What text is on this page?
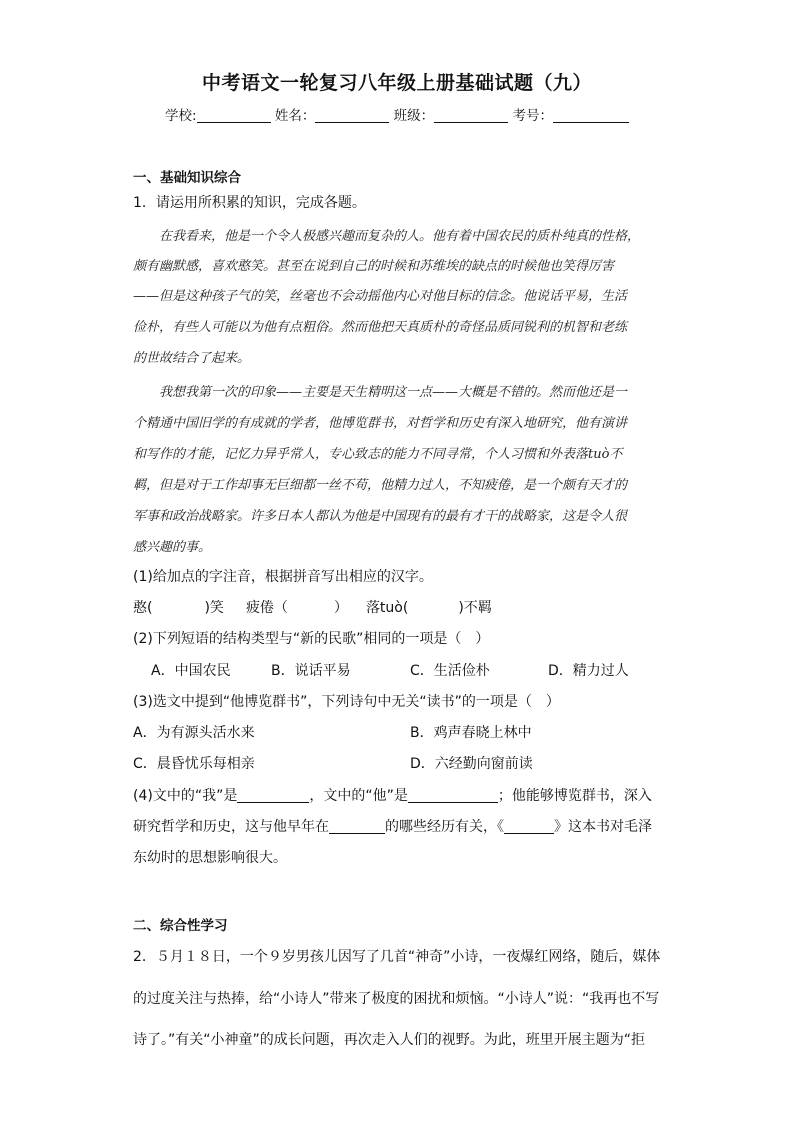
中考语文一轮复习八年级上册基础试题（九）
学校:	姓名：	班级：	考号：
一、基础知识综合
1．请运用所积累的知识，完成各题。
在我看来，他是一个令人极感兴趣而复杂的人。他有着中国农民的质朴纯真的性格，
颇有幽默感，喜欢憨笑。甚至在说到自己的时候和苏维埃的缺点的时候他也笑得厉害
——但是这种孩子气的笑，丝毫也不会动摇他内心对他目标的信念。他说话平易，生活
俭朴，有些人可能以为他有点粗俗。然而他把天真质朴的奇怪品质同锐利的机智和老练
的世故结合了起来。
我想我第一次的印象——主要是天生精明这一点——大概是不错的。然而他还是一
个精通中国旧学的有成就的学者，他博览群书，对哲学和历史有深入地研究，他有演讲
和写作的才能，记忆力异乎常人，专心致志的能力不同寻常，个人习惯和外表落tuò不
羁，但是对于工作却事无巨细都一丝不苟，他精力过人，不知疲倦，是一个颇有天才的
军事和政治战略家。许多日本人都认为他是中国现有的最有才干的战略家，这是令人很
感兴趣的事。
(1)给加点的字注音，根据拼音写出相应的汉字。
憨(	)笑 疲倦（	） 落tuò(	)不羁
(2)下列短语的结构类型与“新的民歌”相同的一项是（　）
A．中国农民	B．说话平易	C．生活俭朴	D．精力过人
(3)选文中提到“他博览群书”，下列诗句中无关“读书”的一项是（　）
A．为有源头活水来	B．鸡声春晓上林中
C．晨昏忧乐每相亲	D．六经勤向窗前读
(4)文中的“我”是	，文中的“他”是	；他能够博览群书，深入
研究哲学和历史，这与他早年在	的哪些经历有关，《	》这本书对毛泽
东幼时的思想影响很大。
二、综合性学习
2．５月１８日，一个９岁男孩儿因写了几首“神奇”小诗，一夜爆红网络，随后，媒体
的过度关注与热捧，给“小诗人”带来了极度的困扰和烦恼。“小诗人”说：“我再也不写
诗了。”有关“小神童”的成长问题，再次走入人们的视野。为此，班里开展主题为“拒
